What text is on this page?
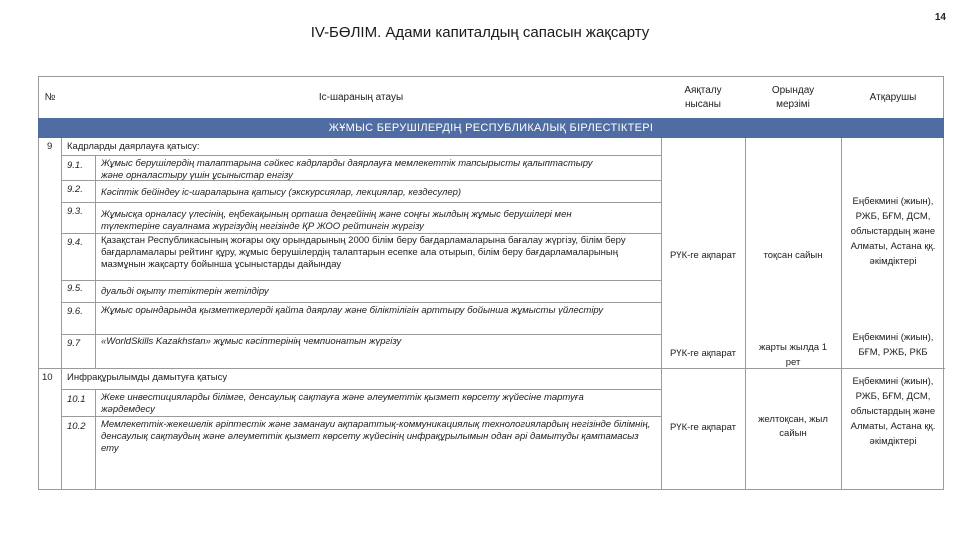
14
IV-БӨЛІМ. Адами капиталдың сапасын жақсарту
№	Іс-шараның атауы
Аяқталу нысаны
Орындау мерзімі
Атқарушы
ЖҰМЫС БЕРУШІЛЕРДІҢ РЕСПУБЛИКАЛЫҚ БІРЛЕСТІКТЕРІ
9 Кадрларды даярлауға қатысу:
9.1. Жұмыс берушілердің талаптарына сәйкес кадрларды даярлауға мемлекеттік тапсырысты қалыптастыру және орналастыру үшін ұсыныстар енгізу
9.2. Кәсіптік бейіндеу іс-шараларына қатысу (экскурсиялар, лекциялар, кездесулер)
9.3. Жұмысқа орналасу үлесінің, еңбекақының орташа деңгейінің және соңғы жылдың жұмыс берушілері мен түлектеріне сауалнама жүргізудің негізінде ҚР ЖОО рейтингін жүргізу
9.4. Қазақстан Республикасының жоғары оқу орындарының 2000 білім беру бағдарламаларына бағалау жүргізу, білім беру бағдарламалары рейтинг құру, жұмыс берушілердің талаптарын есепке ала отырып, білім беру бағдарламаларының мазмұнын жақсарту бойынша ұсыныстарды дайындау
9.5. дуальді оқыту тетіктерін жетілдіру
9.6. Жұмыс орындарында қызметкерлерді қайта даярлау және біліктілігін арттыру бойынша жұмысты үйлестіру
9.7 «WorldSkills Kazakhstan» жұмыс кәсіптерінің чемпионатын жүргізу
РҮК-ге ақпарат	тоқсан сайын
Еңбекмині (жиын), РЖБ, БҒМ, ДСМ, облыстардың және Алматы, Астана ққ. әкімдіктері
РҮК-ге ақпарат
жарты жылда 1 рет
Еңбекмині (жиын), БҒМ, РЖБ, РКБ
10 Инфрақұрылымды дамытуға қатысу
10.1 Жеке инвестицияларды білімге, денсаулық сақтауға және әлеуметтік қызмет көрсету жүйесіне тартуға жәрдемдесу
10.2 Мемлекеттік-жекешелік әріптестік және заманауи ақпараттық-коммуникациялық технологиялардың негізінде білімнің, денсаулық сақтаудың және әлеуметтік қызмет көрсету жүйесінің инфрақұрылымын одан әрі дамытуды қамтамасыз ету
РҮК-ге ақпарат
желтоқсан, жыл сайын
Еңбекмині (жиын), РЖБ, БҒМ, ДСМ, облыстардың және Алматы, Астана ққ. әкімдіктері
